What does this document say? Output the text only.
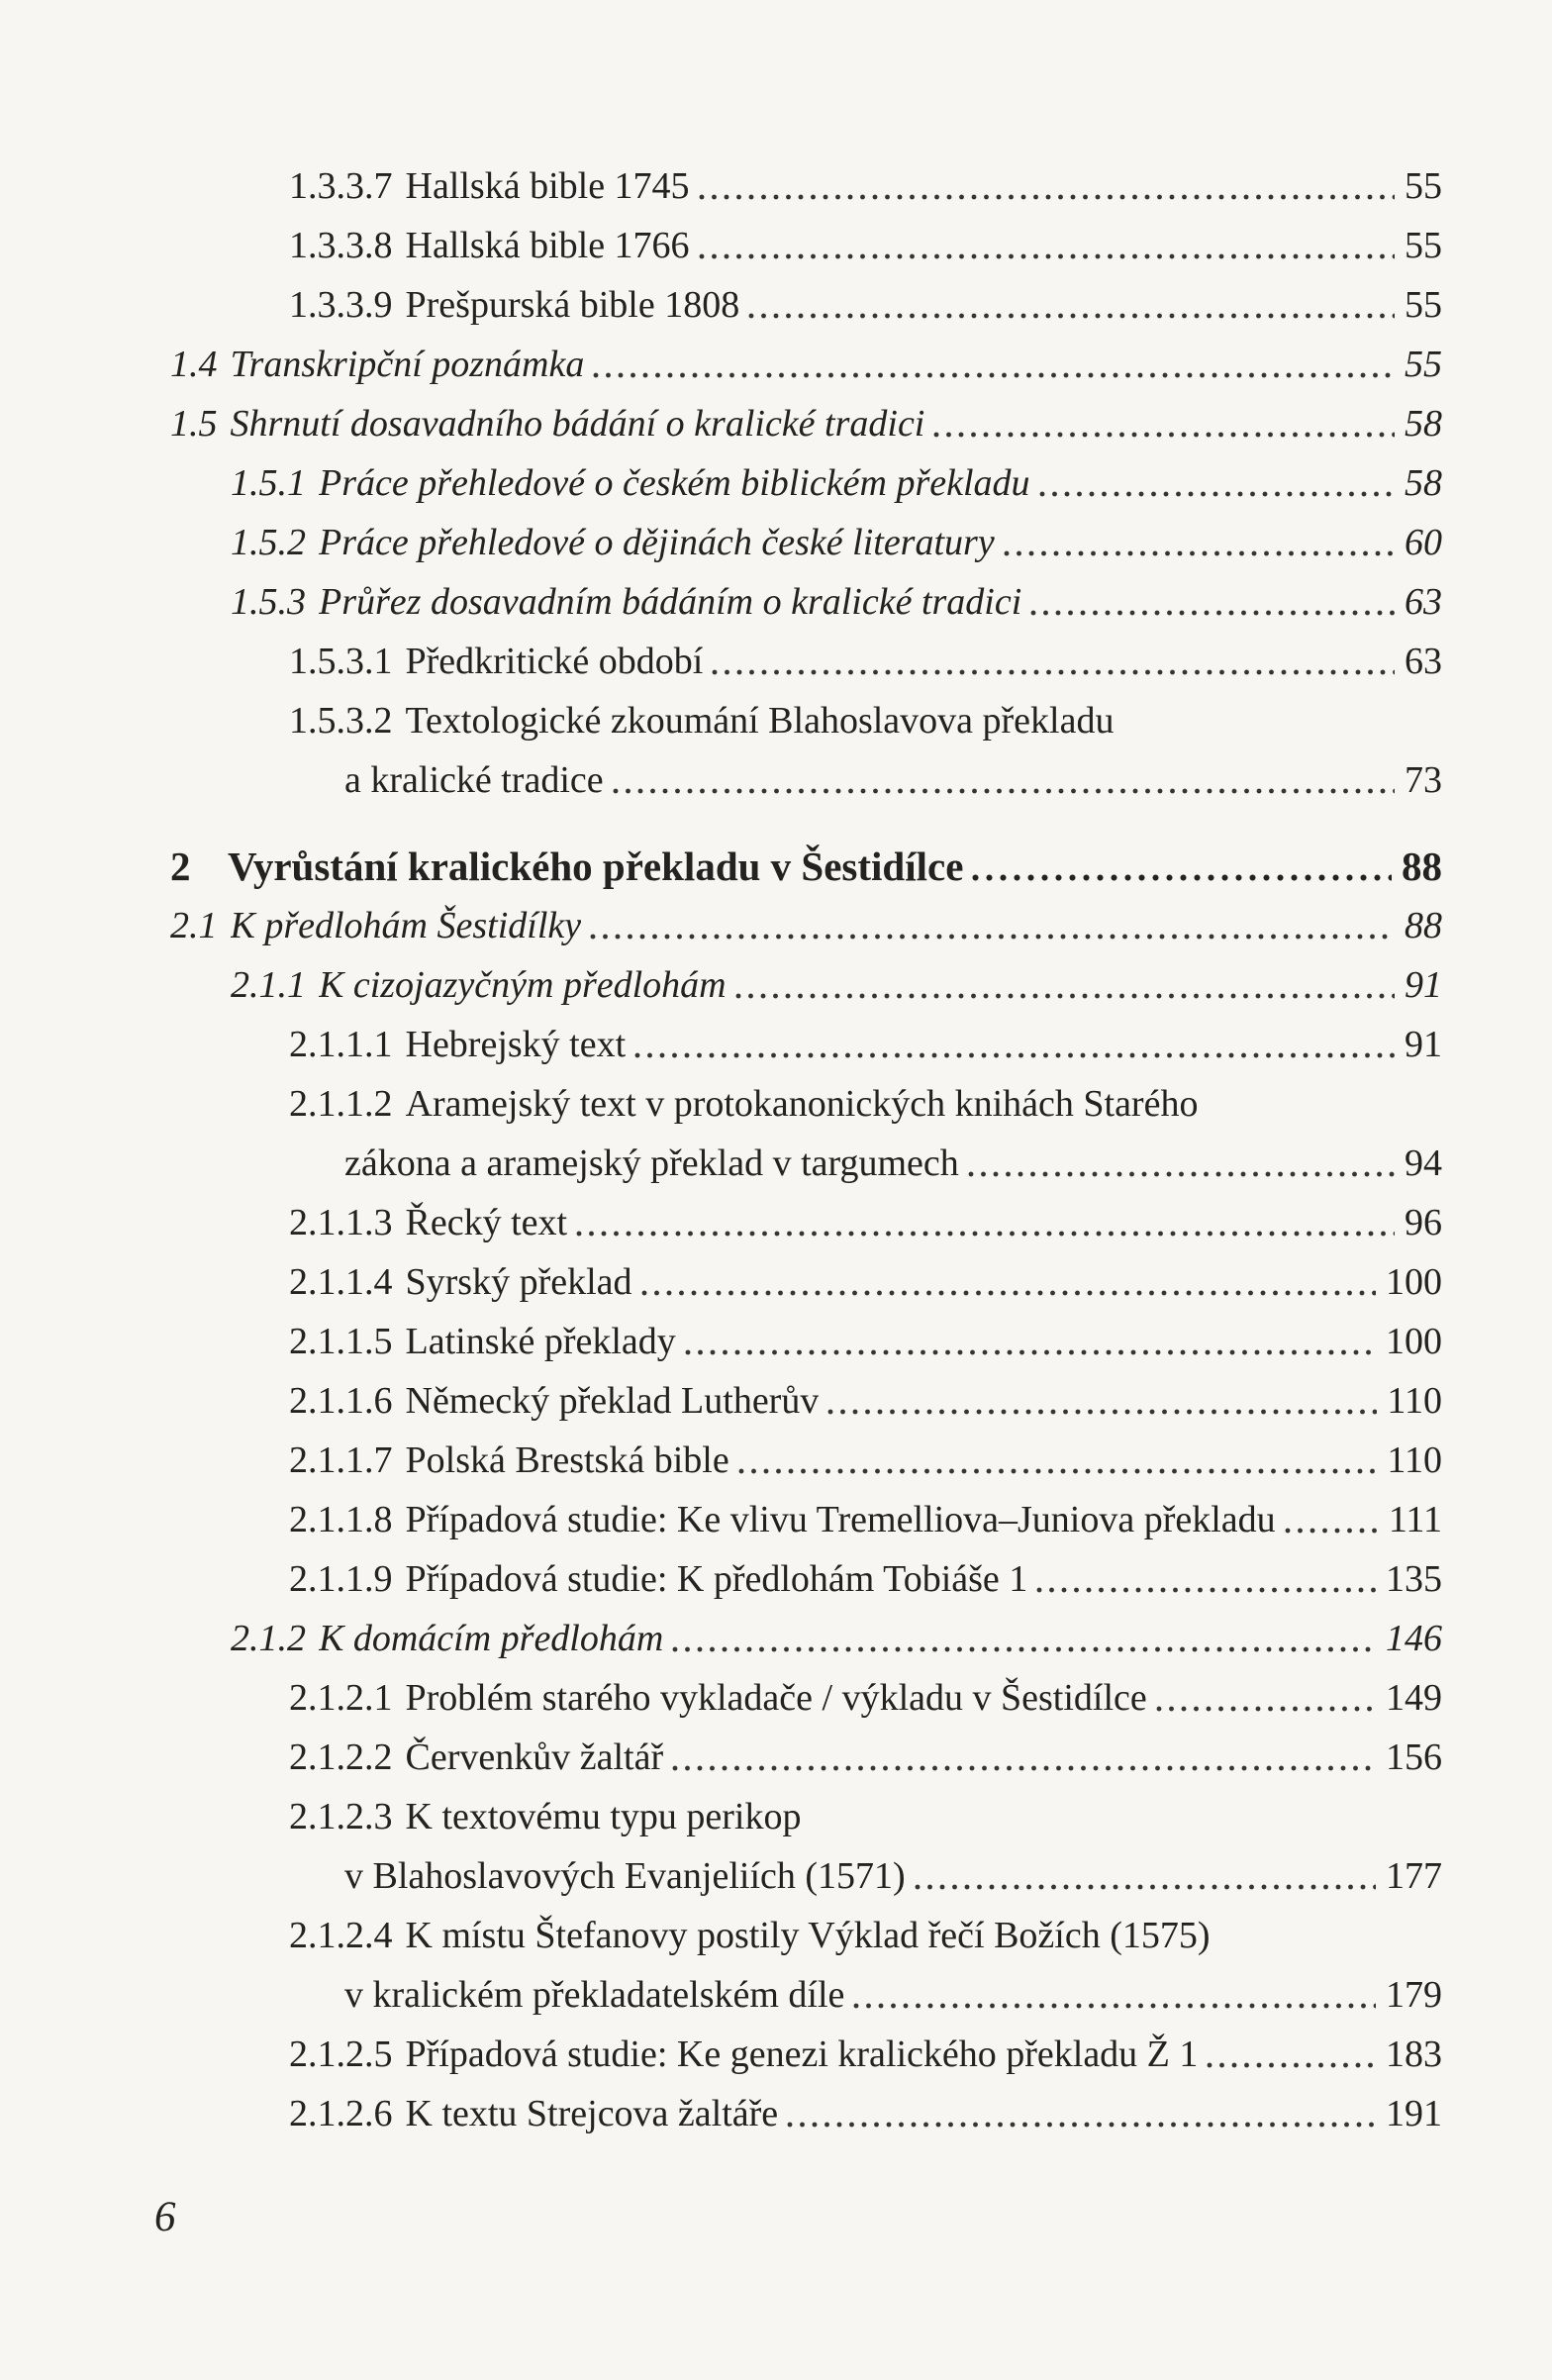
1.3.3.7 Hallská bible 1745	55
1.3.3.8 Hallská bible 1766	55
1.3.3.9 Prešpurská bible 1808	55
1.4 Transkripční poznámka	55
1.5 Shrnutí dosavadního bádání o kralické tradici	58
1.5.1 Práce přehledové o českém biblickém překladu	58
1.5.2 Práce přehledové o dějinách české literatury	60
1.5.3 Průřez dosavadním bádáním o kralické tradici	63
1.5.3.1 Předkritické období	63
1.5.3.2 Textologické zkoumání Blahoslavova překladu
a kralické tradice	73
2 Vyrůstání kralického překladu v Šestidílce	88
2.1 K předlohám Šestidílky	88
2.1.1 K cizojazyčným předlohám	91
2.1.1.1 Hebrejský text	91
2.1.1.2 Aramejský text v protokanonických knihách Starého
zákona a aramejský překlad v targumech	94
2.1.1.3 Řecký text	96
2.1.1.4 Syrský překlad	100
2.1.1.5 Latinské překlady	100
2.1.1.6 Německý překlad Lutherův	110
2.1.1.7 Polská Brestská bible	110
2.1.1.8 Případová studie: Ke vlivu Tremelliova–Juniova překladu	111
2.1.1.9 Případová studie: K předlohám Tobiáše 1	135
2.1.2 K domácím předlohám	146
2.1.2.1 Problém starého vykladače / výkladu v Šestidílce	149
2.1.2.2 Červenkův žaltář	156
2.1.2.3 K textovému typu perikop
v Blahoslavových Evanjeliích (1571)	177
2.1.2.4 K místu Štefanovy postily Výklad řečí Božích (1575)
v kralickém překladatelském díle	179
2.1.2.5 Případová studie: Ke genezi kralického překladu Ž 1	183
2.1.2.6 K textu Strejcova žaltáře	191
6
